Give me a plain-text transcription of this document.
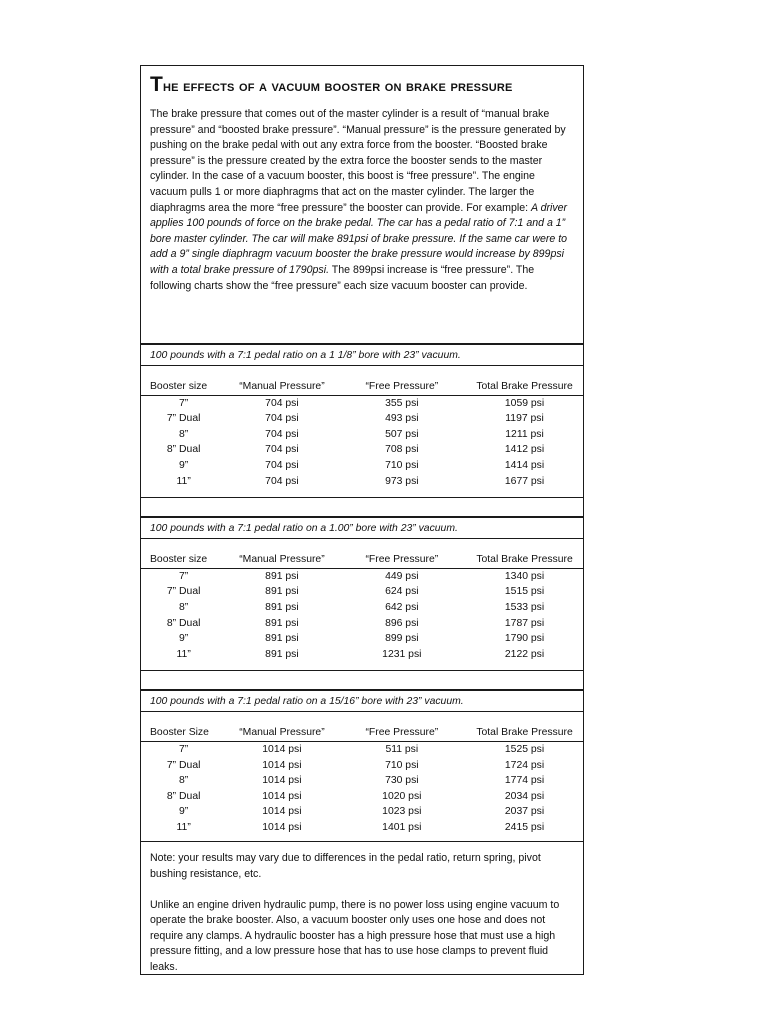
The effects of a vacuum booster on brake pressure

The brake pressure that comes out of the master cylinder is a result of “manual brake pressure” and “boosted brake pressure”. “Manual pressure” is the pressure generated by pushing on the brake pedal with out any extra force from the booster. “Boosted brake pressure” is the pressure created by the extra force the booster sends to the master cylinder. In the case of a vacuum booster, this boost is “free pressure”. The engine vacuum pulls 1 or more diaphragms that act on the master cylinder. The larger the diaphragms area the more “free pressure” the booster can provide. For example: A driver applies 100 pounds of force on the brake pedal. The car has a pedal ratio of 7:1 and a 1” bore master cylinder. The car will make 891psi of brake pressure. If the same car were to add a 9” single diaphragm vacuum booster the brake pressure would increase by 899psi with a total brake pressure of 1790psi. The 899psi increase is “free pressure”. The following charts show the “free pressure” each size vacuum booster can provide.

100 pounds with a 7:1 pedal ratio on a 1 1/8” bore with 23” vacuum.
Booster size	“Manual Pressure”	“Free Pressure”	Total Brake Pressure
7”	704 psi	355 psi	1059 psi
7” Dual	704 psi	493 psi	1197 psi
8”	704 psi	507 psi	1211 psi
8” Dual	704 psi	708 psi	1412 psi
9”	704 psi	710 psi	1414 psi
11”	704 psi	973 psi	1677 psi
100 pounds with a 7:1 pedal ratio on a 1.00” bore with 23” vacuum.
Booster size	“Manual Pressure”	“Free Pressure”	Total Brake Pressure
7”	891 psi	449 psi	1340 psi
7” Dual	891 psi	624 psi	1515 psi
8”	891 psi	642 psi	1533 psi
8” Dual	891 psi	896 psi	1787 psi
9”	891 psi	899 psi	1790 psi
11”	891 psi	1231 psi	2122 psi
100 pounds with a 7:1 pedal ratio on a 15/16” bore with 23” vacuum.
Booster Size	“Manual Pressure”	“Free Pressure”	Total Brake Pressure
7”	1014 psi	511 psi	1525 psi
7” Dual	1014 psi	710 psi	1724 psi
8”	1014 psi	730 psi	1774 psi
8” Dual	1014 psi	1020 psi	2034 psi
9”	1014 psi	1023 psi	2037 psi
11”	1014 psi	1401 psi	2415 psi

Note: your results may vary due to differences in the pedal ratio, return spring, pivot bushing resistance, etc.

Unlike an engine driven hydraulic pump, there is no power loss using engine vacuum to operate the brake booster. Also, a vacuum booster only uses one hose and does not require any clamps. A hydraulic booster has a high pressure hose that must use a high pressure fitting, and a low pressure hose that has to use hose clamps to prevent fluid leaks.
